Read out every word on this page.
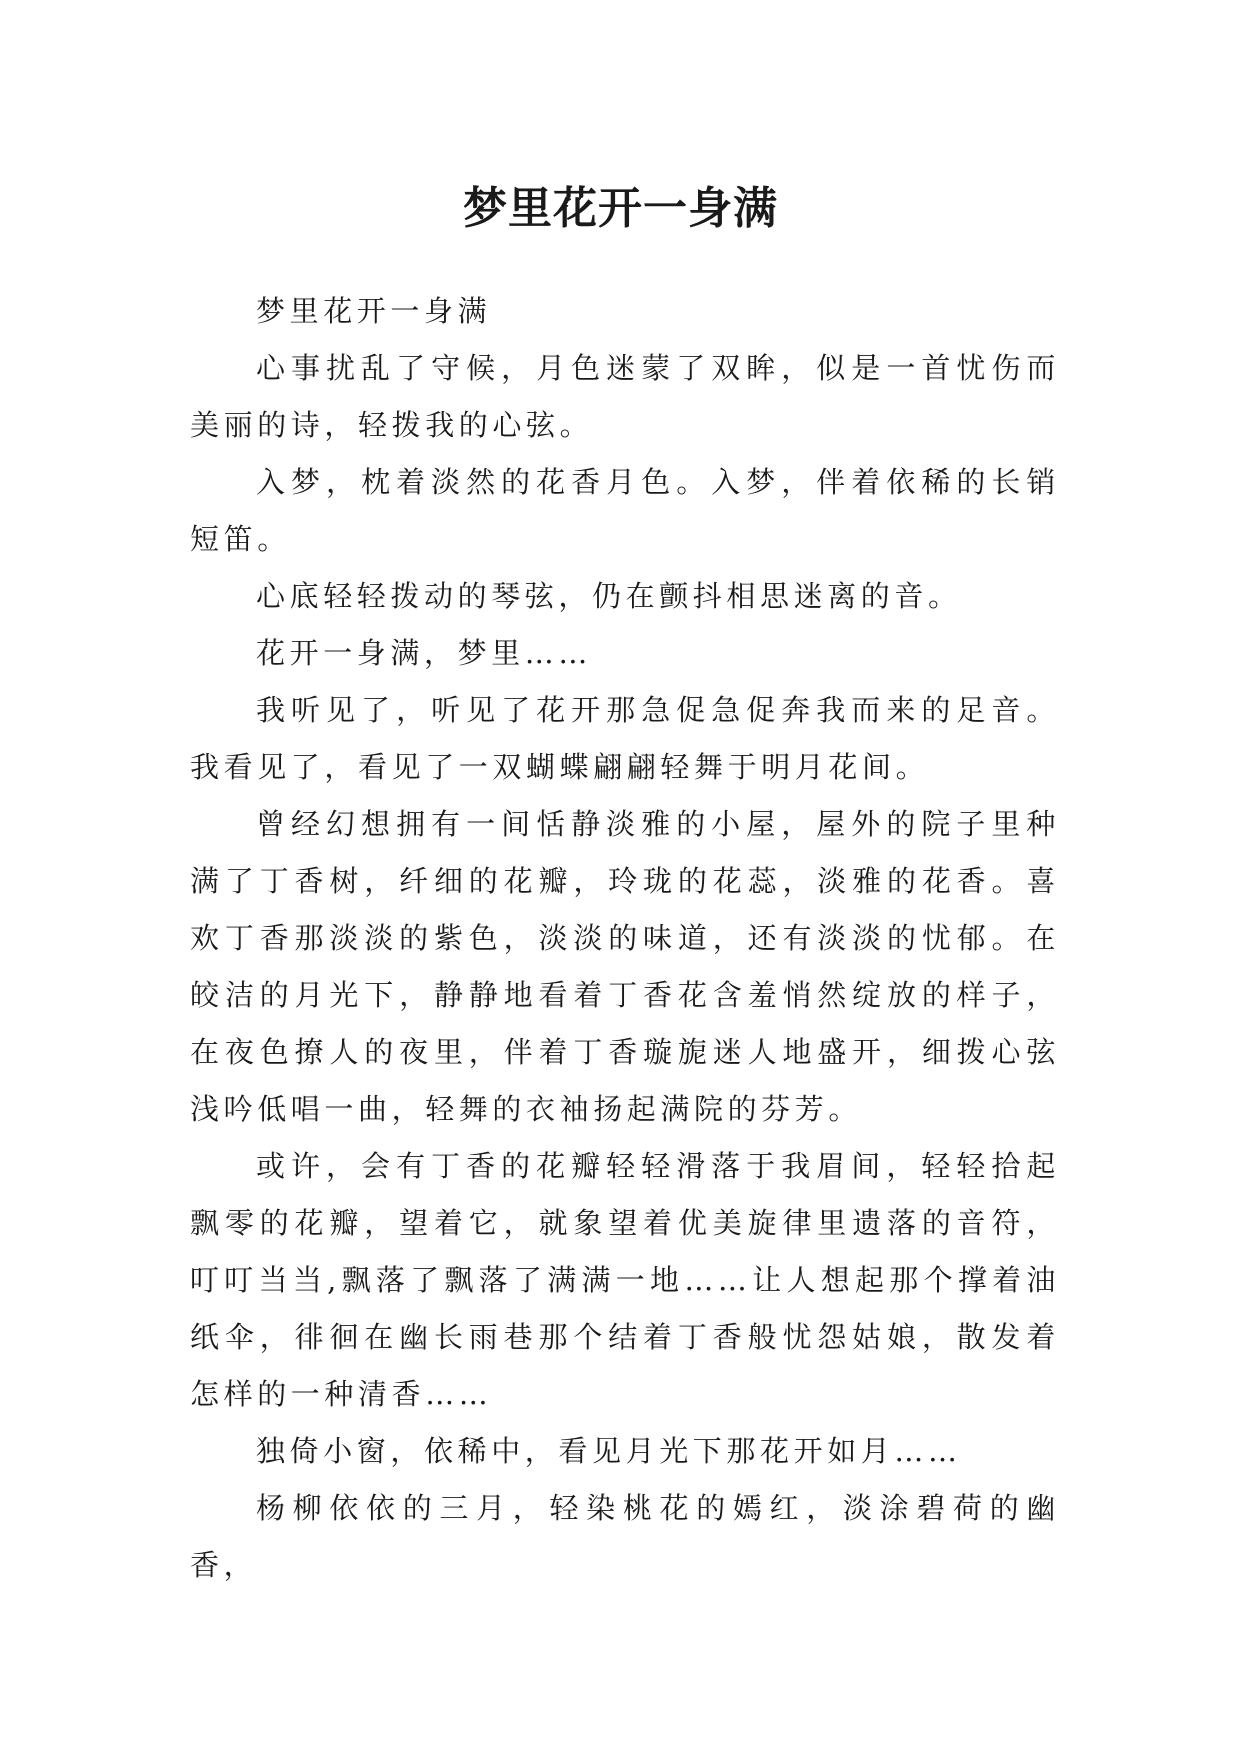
梦里花开一身满

梦里花开一身满

心事扰乱了守候，月色迷蒙了双眸，似是一首忧伤而美丽的诗，轻拨我的心弦。

入梦，枕着淡然的花香月色。入梦，伴着依稀的长销短笛。

心底轻轻拨动的琴弦，仍在颤抖相思迷离的音。

花开一身满，梦里……

我听见了，听见了花开那急促急促奔我而来的足音。我看见了，看见了一双蝴蝶翩翩轻舞于明月花间。

曾经幻想拥有一间恬静淡雅的小屋，屋外的院子里种满了丁香树，纤细的花瓣，玲珑的花蕊，淡雅的花香。喜欢丁香那淡淡的紫色，淡淡的味道，还有淡淡的忧郁。在皎洁的月光下，静静地看着丁香花含羞悄然绽放的样子，在夜色撩人的夜里，伴着丁香璇旎迷人地盛开，细拨心弦浅吟低唱一曲，轻舞的衣袖扬起满院的芬芳。

或许，会有丁香的花瓣轻轻滑落于我眉间，轻轻拾起飘零的花瓣，望着它，就象望着优美旋律里遗落的音符，叮叮当当,飘落了飘落了满满一地……让人想起那个撑着油纸伞，徘徊在幽长雨巷那个结着丁香般忧怨姑娘，散发着怎样的一种清香……

独倚小窗，依稀中，看见月光下那花开如月……

杨柳依依的三月，轻染桃花的嫣红，淡涂碧荷的幽香，
